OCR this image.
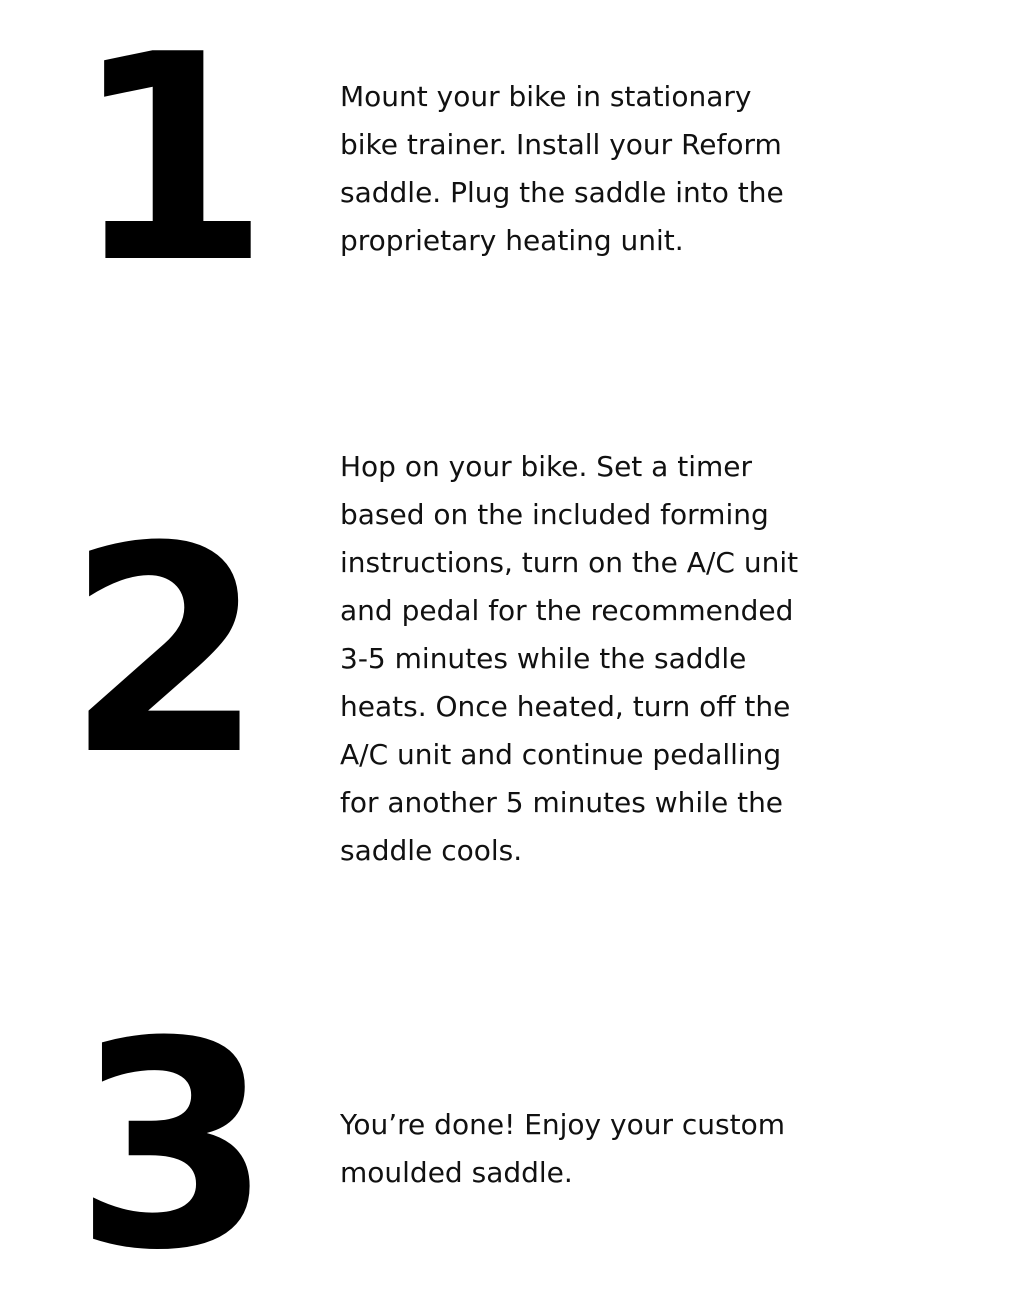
1 Mount your bike in stationary
bike trainer. Install your Reform
saddle. Plug the saddle into the
proprietary heating unit.

2

Hop on your bike. Set a timer
based on the included forming
instructions, turn on the A/C unit
and pedal for the recommended
3-5 minutes while the saddle
heats. Once heated, turn off the
A/C unit and continue pedalling
for another 5 minutes while the
saddle cools.

3 You’re done! Enjoy your custom
moulded saddle.
